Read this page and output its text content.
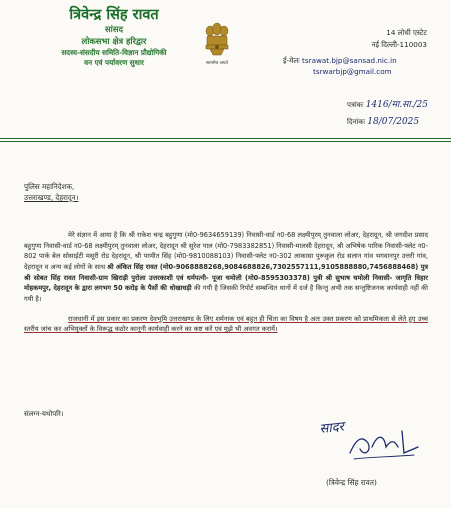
त्रिवेन्द्र सिंह रावत
सांसद
लोकसभा क्षेत्र हरिद्वार
सदस्य-संसदीय समिति-विज्ञान प्रौद्योगिकी
वन एवं पर्यावरण सुधार	सत्यमेव जयते
14 लोधी एस्टेट
नई दिल्ली-110003
ई-मेलः tsrawat.bjp@sansad.nic.in
tsrwarbjp@gmail.com
पत्रांकः 1416/मा.सा./25
दिनांकः 18/07/2025
पुलिस महानिदेशक,
उत्तराखण्ड, देहरादून।

मेरे संज्ञान में आया है कि श्री राकेश चन्द्र बहुगुणा (मो0-9634659139) निवासी-वार्ड न0-68 लक्ष्मीपुरम् तुनवाला लोअर, देहरादून, श्री जगदीश प्रसाद बहुगुणा निवासी-वार्ड न0-68 लक्ष्मीपुरम् तुनवाला लोअर, देहरादून श्री सुरेश पाल (मो0-7983382851) निवासी-मालसी देहरादून, श्री अभिषेक पारिक निवासी-फ्लेट न0-802 पार्क बेल सोसाईटी मसूरी रोड देहरादून, श्री परमीत सिंह (मो0-9810088103) निवासी-फ्लेट न0-302 लाकासा पुरूकुल रोड सलान गांव भगवानपुर उत्तरी गांव, देहरादून व अन्य कई लोगों के साथ श्री अंकित सिंह रावत (मो0-9068888268,9084688826,7302557111,9105888880,7456888468) पुत्र श्री सोबत सिंह रावत निवासी-ग्राम खिराड़ी पुरोला उत्तरकाशी एवं धर्मपत्नी- पूजा चमोली (मो0-8595303378) पुत्री श्री सुभाष चमोली निवासी- जागृति विहार मोहकमपुर, देहरादून के द्वारा लगभग 50 करोड़ के पैसों की धोखाधड़ी की गयी है जिसकी रिपोर्ट सम्बन्धित थानों में दर्ज है किन्तु अभी तक सन्तुष्टिजनक कार्यवाही नहीं की गयी है।

राजधानी में इस प्रकार का प्रकरण देवभूमि उत्तराखण्ड के लिए शर्मनाक एवं बहुत ही चिंता का विषय है अतः उक्त प्रकरण को प्राथमिकता से लेते हुए उच्च स्तरीय जांच कर अभियुक्तों के विरूद्ध कठोर कानूनी कार्यवाही करने का कष्ट करें एवं मुझे भी अवगत करायें।

संलग्न-यथोपरि।
सादर
(त्रिवेन्द्र सिंह रावत)
